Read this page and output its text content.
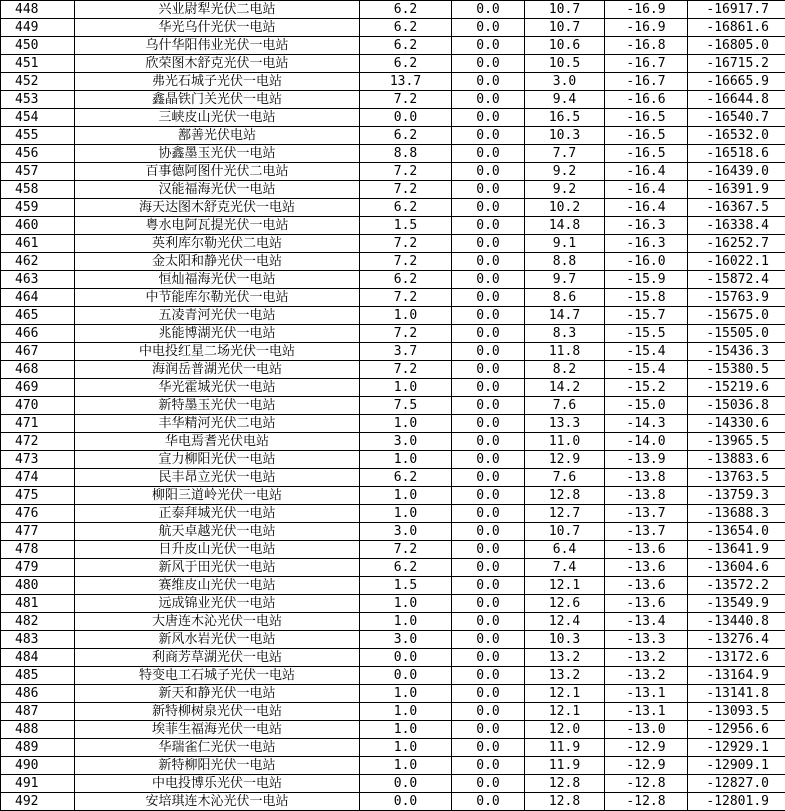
448	兴业尉犁光伏二电站	6.2	0.0	10.7	-16.9	-16917.7
449	华光乌什光伏一电站	6.2	0.0	10.7	-16.9	-16861.6
450	乌什华阳伟业光伏一电站	6.2	0.0	10.6	-16.8	-16805.0
451	欣荣图木舒克光伏一电站	6.2	0.0	10.5	-16.7	-16715.2
452	弗光石城子光伏一电站	13.7	0.0	3.0	-16.7	-16665.9
453	鑫晶铁门关光伏一电站	7.2	0.0	9.4	-16.6	-16644.8
454	三峡皮山光伏一电站	0.0	0.0	16.5	-16.5	-16540.7
455	鄯善光伏电站	6.2	0.0	10.3	-16.5	-16532.0
456	协鑫墨玉光伏一电站	8.8	0.0	7.7	-16.5	-16518.6
457	百事德阿图什光伏二电站	7.2	0.0	9.2	-16.4	-16439.0
458	汉能福海光伏一电站	7.2	0.0	9.2	-16.4	-16391.9
459	海天达图木舒克光伏一电站	6.2	0.0	10.2	-16.4	-16367.5
460	粤水电阿瓦提光伏一电站	1.5	0.0	14.8	-16.3	-16338.4
461	英利库尔勒光伏二电站	7.2	0.0	9.1	-16.3	-16252.7
462	金太阳和静光伏一电站	7.2	0.0	8.8	-16.0	-16022.1
463	恒灿福海光伏一电站	6.2	0.0	9.7	-15.9	-15872.4
464	中节能库尔勒光伏一电站	7.2	0.0	8.6	-15.8	-15763.9
465	五凌青河光伏一电站	1.0	0.0	14.7	-15.7	-15675.0
466	兆能博湖光伏一电站	7.2	0.0	8.3	-15.5	-15505.0
467	中电投红星二场光伏一电站	3.7	0.0	11.8	-15.4	-15436.3
468	海润岳普湖光伏一电站	7.2	0.0	8.2	-15.4	-15380.5
469	华光霍城光伏一电站	1.0	0.0	14.2	-15.2	-15219.6
470	新特墨玉光伏一电站	7.5	0.0	7.6	-15.0	-15036.8
471	丰华精河光伏二电站	1.0	0.0	13.3	-14.3	-14330.6
472	华电焉耆光伏电站	3.0	0.0	11.0	-14.0	-13965.5
473	宣力柳阳光伏一电站	1.0	0.0	12.9	-13.9	-13883.6
474	民丰昂立光伏一电站	6.2	0.0	7.6	-13.8	-13763.5
475	柳阳三道岭光伏一电站	1.0	0.0	12.8	-13.8	-13759.3
476	正泰拜城光伏一电站	1.0	0.0	12.7	-13.7	-13688.3
477	航天卓越光伏一电站	3.0	0.0	10.7	-13.7	-13654.0
478	日升皮山光伏一电站	7.2	0.0	6.4	-13.6	-13641.9
479	新风于田光伏一电站	6.2	0.0	7.4	-13.6	-13604.6
480	赛维皮山光伏一电站	1.5	0.0	12.1	-13.6	-13572.2
481	远成锦业光伏一电站	1.0	0.0	12.6	-13.6	-13549.9
482	大唐连木沁光伏一电站	1.0	0.0	12.4	-13.4	-13440.8
483	新风水岩光伏一电站	3.0	0.0	10.3	-13.3	-13276.4
484	利商芳草湖光伏一电站	0.0	0.0	13.2	-13.2	-13172.6
485	特变电工石城子光伏一电站	0.0	0.0	13.2	-13.2	-13164.9
486	新天和静光伏一电站	1.0	0.0	12.1	-13.1	-13141.8
487	新特柳树泉光伏一电站	1.0	0.0	12.1	-13.1	-13093.5
488	埃菲生福海光伏一电站	1.0	0.0	12.0	-13.0	-12956.6
489	华瑞雀仁光伏一电站	1.0	0.0	11.9	-12.9	-12929.1
490	新特柳阳光伏一电站	1.0	0.0	11.9	-12.9	-12909.1
491	中电投博乐光伏一电站	0.0	0.0	12.8	-12.8	-12827.0
492	安培琪连木沁光伏一电站	0.0	0.0	12.8	-12.8	-12801.9
